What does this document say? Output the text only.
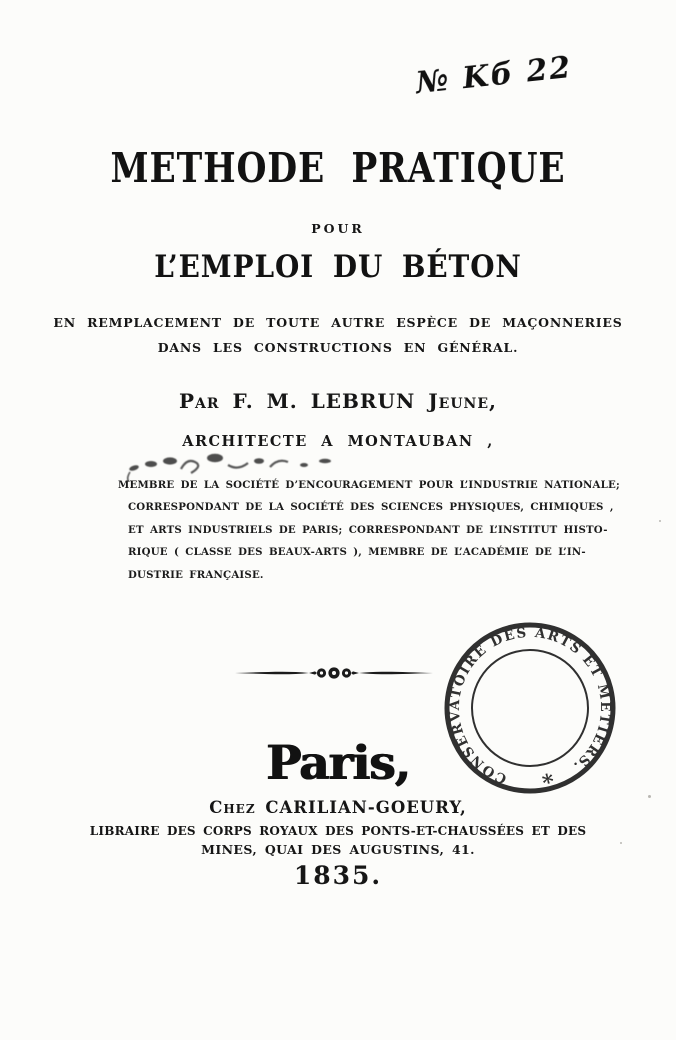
№ Kб 22
METHODE PRATIQUE
POUR
L’EMPLOI DU BÉTON
EN REMPLACEMENT DE TOUTE AUTRE ESPÈCE DE MAÇONNERIES
DANS LES CONSTRUCTIONS EN GÉNÉRAL.
Par F. M. LEBRUN Jeune,
ARCHITECTE A MONTAUBAN ,
MEMBRE DE LA SOCIÉTÉ D’ENCOURAGEMENT POUR L’INDUSTRIE NATIONALE;
CORRESPONDANT DE LA SOCIÉTÉ DES SCIENCES PHYSIQUES, CHIMIQUES ,
ET ARTS INDUSTRIELS DE PARIS; CORRESPONDANT DE L’INSTITUT HISTO-
RIQUE ( CLASSE DES BEAUX-ARTS ), MEMBRE DE L’ACADÉMIE DE L’IN-
DUSTRIE FRANÇAISE.
CONSERVATOIRE DES ARTS ET MÉTIERS.
*
Paris,
Chez CARILIAN-GOEURY,
LIBRAIRE DES CORPS ROYAUX DES PONTS-ET-CHAUSSÉES ET DES
MINES, QUAI DES AUGUSTINS, 41.
1835.
